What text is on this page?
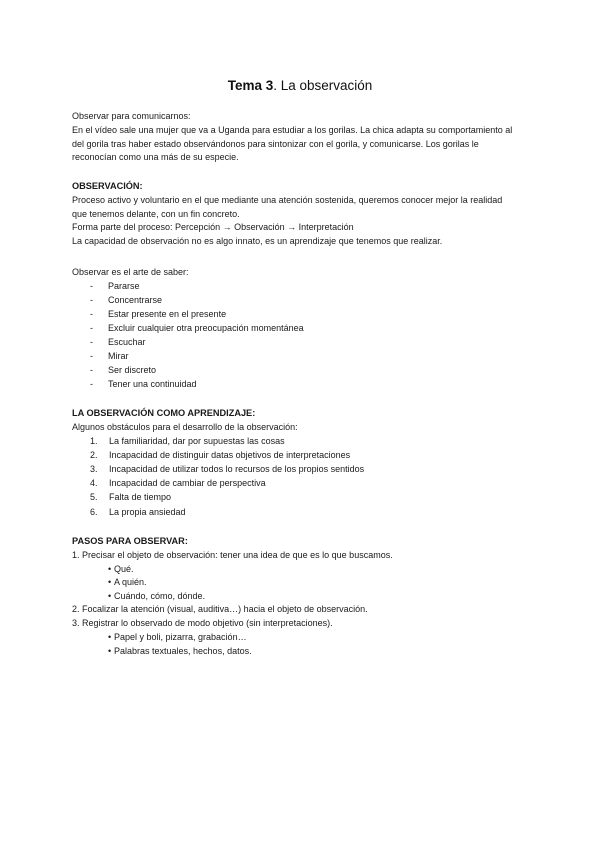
Tema 3. La observación

Observar para comunicarnos:

En el vídeo sale una mujer que va a Uganda para estudiar a los gorilas. La chica adapta su comportamiento al

del gorila tras haber estado observándonos para sintonizar con el gorila, y comunicarse. Los gorilas le

reconocían como una más de su especie.

OBSERVACIÓN:

Proceso activo y voluntario en el que mediante una atención sostenida, queremos conocer mejor la realidad

que tenemos delante, con un fin concreto.

Forma parte del proceso: Percepción → Observación → Interpretación

La capacidad de observación no es algo innato, es un aprendizaje que tenemos que realizar.

Observar es el arte de saber:

- Pararse
- Concentrarse
- Estar presente en el presente
- Excluir cualquier otra preocupación momentánea
- Escuchar
- Mirar
- Ser discreto
- Tener una continuidad

LA OBSERVACIÓN COMO APRENDIZAJE:

Algunos obstáculos para el desarrollo de la observación:

1. La familiaridad, dar por supuestas las cosas
2. Incapacidad de distinguir datas objetivos de interpretaciones
3. Incapacidad de utilizar todos lo recursos de los propios sentidos
4. Incapacidad de cambiar de perspectiva
5. Falta de tiempo
6. La propia ansiedad

PASOS PARA OBSERVAR:

1. Precisar el objeto de observación: tener una idea de que es lo que buscamos.

• Qué.
• A quién.
• Cuándo, cómo, dónde.

2. Focalizar la atención (visual, auditiva…) hacia el objeto de observación.

3. Registrar lo observado de modo objetivo (sin interpretaciones).

• Papel y boli, pizarra, grabación…
• Palabras textuales, hechos, datos.
